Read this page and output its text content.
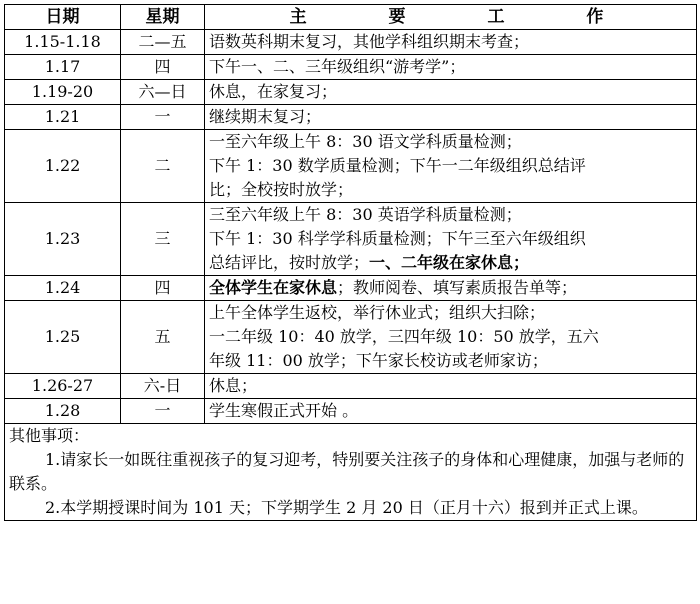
日期	星期	主 要 工 作
1.15-1.18	二—五	语数英科期末复习，其他学科组织期末考查；

1.17	四	下午一、二、三年级组织“游考学”；

1.19-20	六—日	休息，在家复习；

1.21	一	继续期末复习；

1.22	二	一至六年级上午 8：30 语文学科质量检测；
下午 1：30 数学质量检测；下午一二年级组织总结评
比；全校按时放学；

1.23	三	三至六年级上午 8：30 英语学科质量检测；
下午 1：30 科学学科质量检测；下午三至六年级组织
总结评比，按时放学；一、二年级在家休息；

1.24	四	全体学生在家休息；教师阅卷、填写素质报告单等；

1.25	五	上午全体学生返校，举行休业式；组织大扫除；
一二年级 10：40 放学，三四年级 10：50 放学，五六
年级 11：00 放学；下午家长校访或老师家访；

1.26-27	六-日	休息；

1.28	一	学生寒假正式开始 。

其他事项：
1.请家长一如既往重视孩子的复习迎考，特别要关注孩子的身体和心理健康，加强与老师的联系。
2.本学期授课时间为 101 天；下学期学生 2 月 20 日（正月十六）报到并正式上课。		
